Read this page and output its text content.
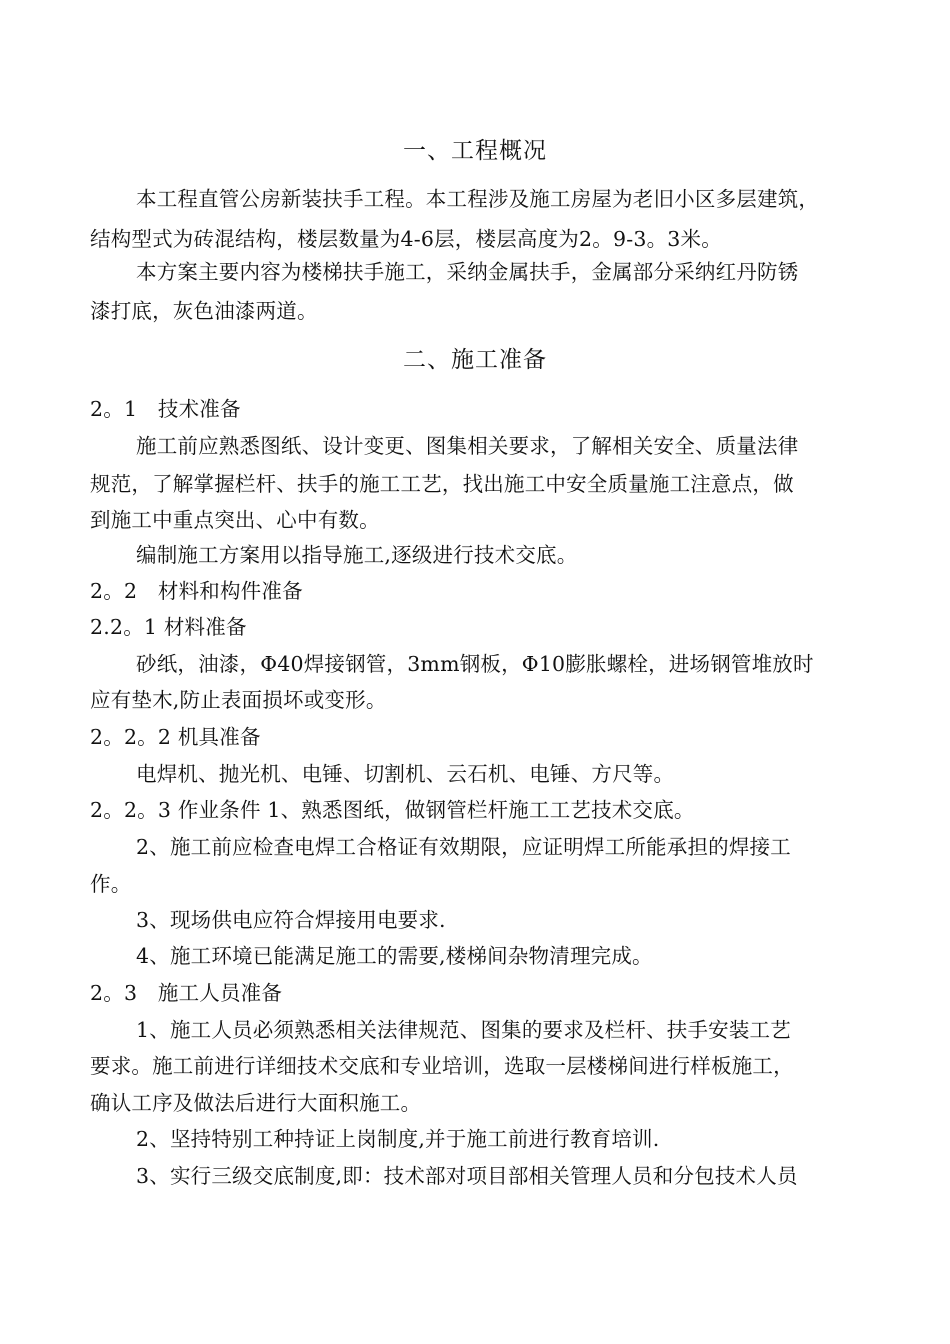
一、工程概况
本工程直管公房新装扶手工程。本工程涉及施工房屋为老旧小区多层建筑，
结构型式为砖混结构，楼层数量为4-6层，楼层高度为2。9-3。3米。
本方案主要内容为楼梯扶手施工，采纳金属扶手，金属部分采纳红丹防锈
漆打底，灰色油漆两道。
二、施工准备
2。1　技术准备
施工前应熟悉图纸、设计变更、图集相关要求，了解相关安全、质量法律
规范，了解掌握栏杆、扶手的施工工艺，找出施工中安全质量施工注意点，做
到施工中重点突出、心中有数。
编制施工方案用以指导施工,逐级进行技术交底。
2。2　材料和构件准备
2.2。1 材料准备
砂纸，油漆，Φ40焊接钢管，3mm钢板，Φ10膨胀螺栓，进场钢管堆放时
应有垫木,防止表面损坏或变形。
2。2。2 机具准备
电焊机、抛光机、电锤、切割机、云石机、电锤、方尺等。
2。2。3 作业条件 1、熟悉图纸，做钢管栏杆施工工艺技术交底。
2、施工前应检查电焊工合格证有效期限，应证明焊工所能承担的焊接工
作。
3、现场供电应符合焊接用电要求.
4、施工环境已能满足施工的需要,楼梯间杂物清理完成。
2。3　施工人员准备
1、施工人员必须熟悉相关法律规范、图集的要求及栏杆、扶手安装工艺
要求。施工前进行详细技术交底和专业培训，选取一层楼梯间进行样板施工，
确认工序及做法后进行大面积施工。
2、坚持特别工种持证上岗制度,并于施工前进行教育培训.
3、实行三级交底制度,即：技术部对项目部相关管理人员和分包技术人员
